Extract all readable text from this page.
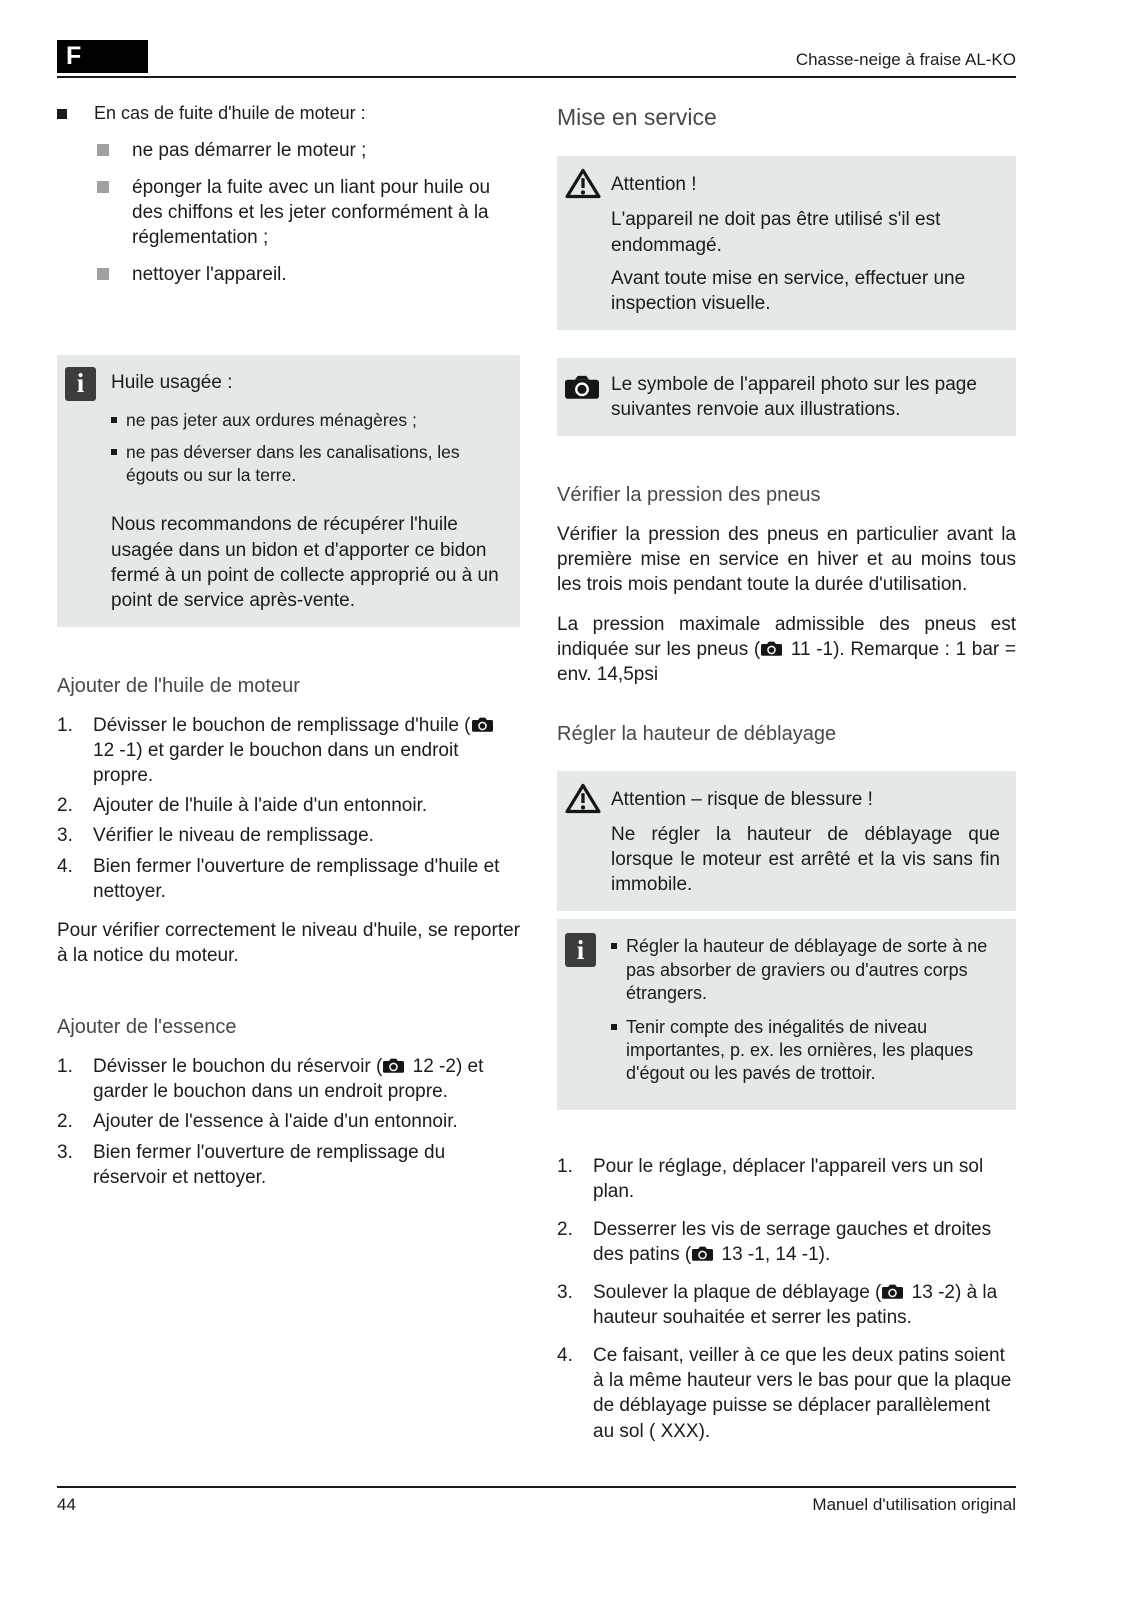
F	Chasse-neige à fraise AL-KO
En cas de fuite d'huile de moteur :
ne pas démarrer le moteur ;
éponger la fuite avec un liant pour huile ou des chiffons et les jeter conformément à la réglementation ;
nettoyer l'appareil.
i Huile usagée :
ne pas jeter aux ordures ménagères ;
ne pas déverser dans les canalisations, les égouts ou sur la terre.

Nous recommandons de récupérer l'huile usagée dans un bidon et d'apporter ce bidon fermé à un point de collecte approprié ou à un point de service après-vente.

Ajouter de l'huile de moteur
1.	Dévisser le bouchon de remplissage d'huile (
12 -1) et garder le bouchon dans un endroit propre.
2.	Ajouter de l'huile à l'aide d'un entonnoir.
3.	Vérifier le niveau de remplissage.
4.	Bien fermer l'ouverture de remplissage d'huile et nettoyer.

Pour vérifier correctement le niveau d'huile, se reporter à la notice du moteur.

Ajouter de l'essence
1.	Dévisser le bouchon du réservoir (
12 -2) et garder le bouchon dans un endroit propre.
2.	Ajouter de l'essence à l'aide d'un entonnoir.
3.	Bien fermer l'ouverture de remplissage du réservoir et nettoyer.
Mise en service
Attention !

L'appareil ne doit pas être utilisé s'il est endommagé.

Avant toute mise en service, effectuer une inspection visuelle.

Le symbole de l'appareil photo sur les page suivantes renvoie aux illustrations.

Vérifier la pression des pneus

Vérifier la pression des pneus en particulier avant la première mise en service en hiver et au moins tous les trois mois pendant toute la durée d'utilisation.

La pression maximale admissible des pneus est indiquée sur les pneus (
11 -1). Remarque : 1 bar = env. 14,5psi

Régler la hauteur de déblayage
Attention – risque de blessure !

Ne régler la hauteur de déblayage que lorsque le moteur est arrêté et la vis sans fin immobile.

i Régler la hauteur de déblayage de sorte à ne pas absorber de graviers ou d'autres corps étrangers.
Tenir compte des inégalités de niveau importantes, p. ex. les ornières, les plaques d'égout ou les pavés de trottoir.
1.	Pour le réglage, déplacer l'appareil vers un sol plan.
2.	Desserrer les vis de serrage gauches et droites des patins (
13 -1, 14 -1).
3.	Soulever la plaque de déblayage (
13 -2) à la hauteur souhaitée et serrer les patins.
4.	Ce faisant, veiller à ce que les deux patins soient à la même hauteur vers le bas pour que la plaque de déblayage puisse se déplacer parallèlement au sol ( XXX).
44	Manuel d'utilisation original
